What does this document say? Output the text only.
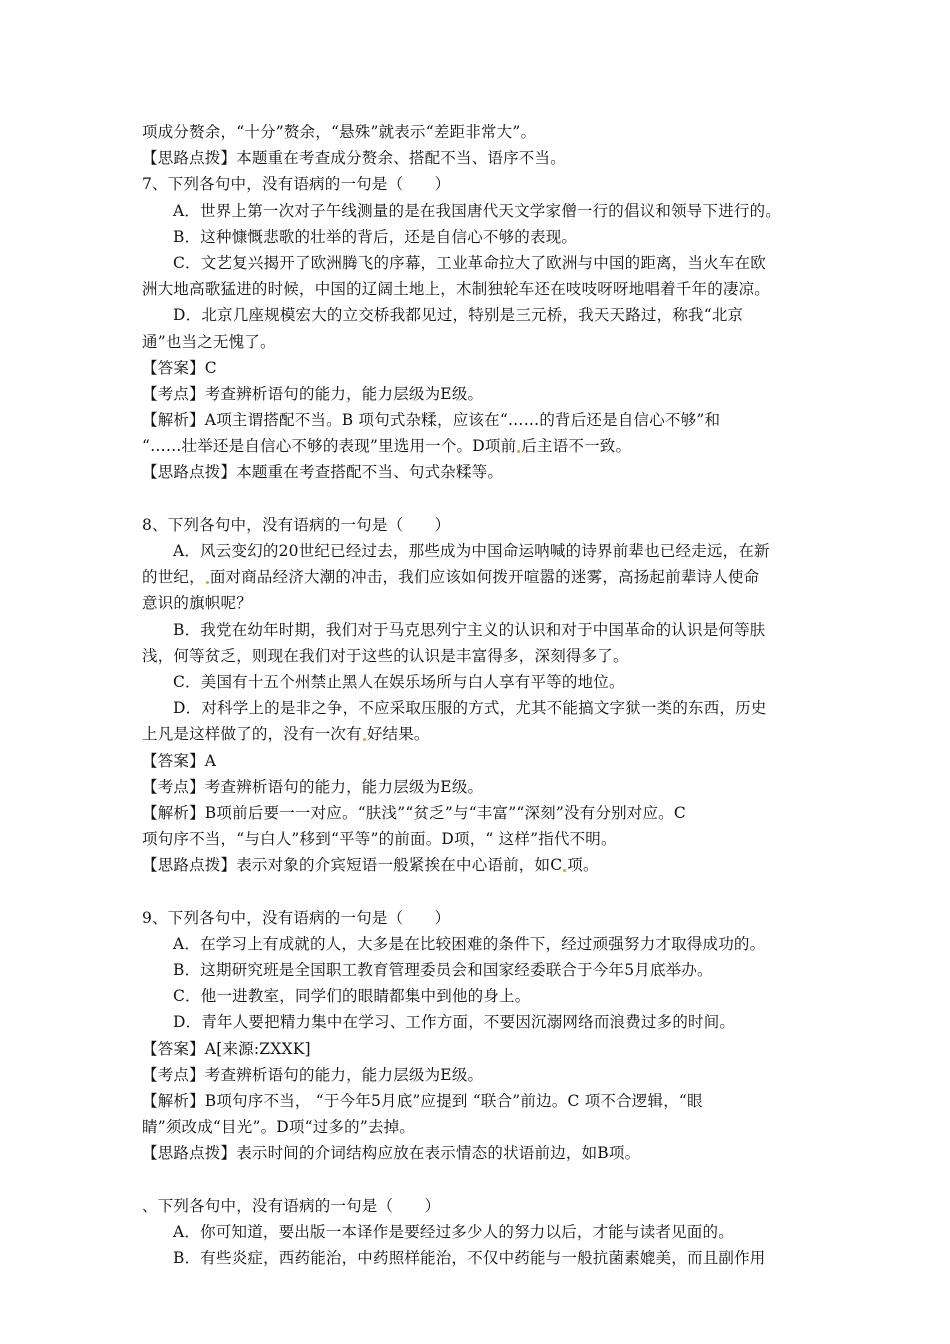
项成分赘余，“十分”赘余，“悬殊”就表示“差距非常大”。
【思路点拨】本题重在考查成分赘余、搭配不当、语序不当。
7、下列各句中，没有语病的一句是（　　）
A．世界上第一次对子午线测量的是在我国唐代天文学家僧一行的倡议和领导下进行的。
B．这种慷慨悲歌的壮举的背后，还是自信心不够的表现。
C．文艺复兴揭开了欧洲腾飞的序幕，工业革命拉大了欧洲与中国的距离，当火车在欧
洲大地高歌猛进的时候，中国的辽阔土地上，木制独轮车还在吱吱呀呀地唱着千年的凄凉。
D．北京几座规模宏大的立交桥我都见过，特别是三元桥，我天天路过，称我“北京
通”也当之无愧了。
【答案】C
【考点】考查辨析语句的能力，能力层级为E级。
【解析】A项主谓搭配不当。B 项句式杂糅，应该在“……的背后还是自信心不够”和
“……壮举还是自信心不够的表现”里选用一个。D项前 后主语不一致。
【思路点拨】本题重在考查搭配不当、句式杂糅等。
8、下列各句中，没有语病的一句是（　　）
A．风云变幻的20世纪已经过去，那些成为中国命运呐喊的诗界前辈也已经走远，在新
的世纪， 面对商品经济大潮的冲击，我们应该如何拨开喧嚣的迷雾，高扬起前辈诗人使命
意识的旗帜呢？
B．我党在幼年时期，我们对于马克思列宁主义的认识和对于中国革命的认识是何等肤
浅，何等贫乏，则现在我们对于这些的认识是丰富得多，深刻得多了。
C．美国有十五个州禁止黑人在娱乐场所与白人享有平等的地位。
D．对科学上的是非之争，不应采取压服的方式，尤其不能搞文字狱一类的东西，历史
上凡是这样做了的，没有一次有 好结果。
【答案】A
【考点】考查辨析语句的能力，能力层级为E级。
【解析】B项前后要一一对应。“肤浅”“贫乏”与“丰富”“深刻”没有分别对应。C
项句序不当，“与白人”移到“平等”的前面。D项，“ 这样”指代不明。
【思路点拨】表示对象的介宾短语一般紧挨在中心语前，如C 项。
9、下列各句中，没有语病的一句是（　　）
A．在学习上有成就的人，大多是在比较困难的条件下，经过顽强努力才取得成功的。
B．这期研究班是全国职工教育管理委员会和国家经委联合于今年5月底举办。
C．他一进教室，同学们的眼睛都集中到他的身上。
D．青年人要把精力集中在学习、工作方面，不要因沉溺网络而浪费过多的时间。
【答案】A[来源:ZXXK]
【考点】考查辨析语句的能力，能力层级为E级。
【解析】B项句序不当， “于今年5月底”应提到 “联合”前边。C 项不合逻辑，“眼
睛”须改成“目光”。D项“过多的”去掉。
【思路点拨】表示时间的介词结构应放在表示情态的状语前边，如B项。
、下列各句中，没有语病的一句是（　　）
A．你可知道，要出版一本译作是要经过多少人的努力以后，才能与读者见面的。
B．有些炎症，西药能治，中药照样能治，不仅中药能与一般抗菌素媲美，而且副作用
